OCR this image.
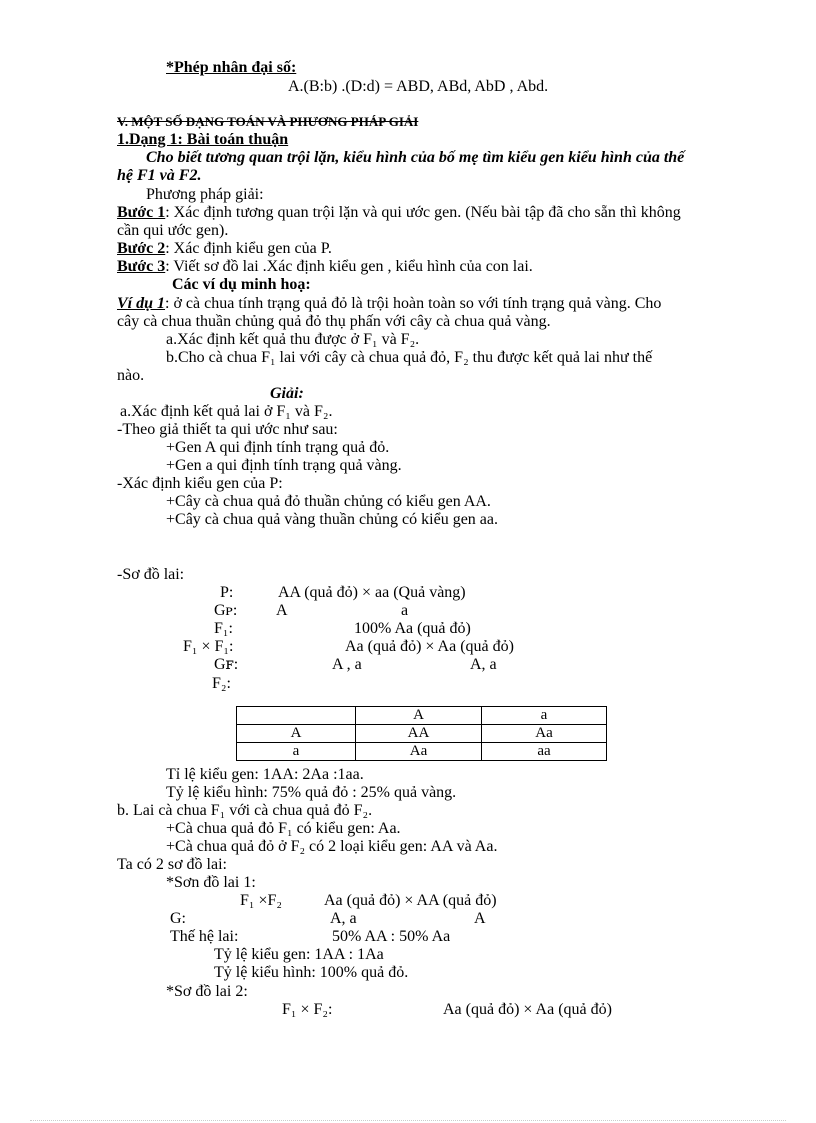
*Phép nhân đại số:
A.(B:b) .(D:d) = ABD, ABd, AbD , Abd.
V. MỘT SỐ DẠNG TOÁN VÀ PHƯƠNG PHÁP GIẢI
1.Dạng 1: Bài toán thuận
Cho biết tương quan trội lặn, kiểu hình của bố mẹ tìm kiểu gen kiểu hình của thế
hệ F1 và F2.
Phương pháp giải:
Bước 1: Xác định tương quan trội lặn và qui ước gen. (Nếu bài tập đã cho sẵn thì không
cần qui ước gen).
Bước 2: Xác định kiểu gen của P.
Bước 3: Viết sơ đồ lai .Xác định kiểu gen , kiểu hình của con lai.
Các ví dụ minh hoạ:
Ví dụ 1: ở cà chua tính trạng quả đỏ là trội hoàn toàn so với tính trạng quả vàng. Cho
cây cà chua thuần chủng quả đỏ thụ phấn với cây cà chua quả vàng.
a.Xác định kết quả thu được ở F₁ và F₂.
b.Cho cà chua F₁ lai với cây cà chua quả đỏ, F₂ thu được kết quả lai như thế
nào.
Giải:
a.Xác định kết quả lai ở F₁ và F₂.
-Theo giả thiết ta qui ước như sau:
+Gen A qui định tính trạng quả đỏ.
+Gen a qui định tính trạng quả vàng.
-Xác định kiểu gen của P:
+Cây cà chua quả đỏ thuần chủng có kiểu gen AA.
+Cây cà chua quả vàng thuần chủng có kiểu gen aa.
-Sơ đồ lai:
P:	AA (quả đỏ) × aa (Quả vàng)
Gᴘ: A	a
F₁:	100% Aa (quả đỏ)
F₁ × F₁:	Aa (quả đỏ) × Aa (quả đỏ)
Gꜰ:	A , a	A, a
F₂:
	A	a
A	AA	Aa
a	Aa	aa
Tỉ lệ kiểu gen: 1AA: 2Aa :1aa.
Tỷ lệ kiểu hình: 75% quả đỏ : 25% quả vàng.
b. Lai cà chua F₁ với cà chua quả đỏ F₂.
+Cà chua quả đỏ F₁ có kiểu gen: Aa.
+Cà chua quả đỏ ở F₂ có 2 loại kiểu gen: AA và Aa.
Ta có 2 sơ đồ lai:
*Sơn đồ lai 1:
F₁ ×F₂	Aa (quả đỏ) × AA (quả đỏ)
G:	A, a	A
Thế hệ lai:	50% AA : 50% Aa
Tỷ lệ kiểu gen: 1AA : 1Aa
Tỷ lệ kiểu hình: 100% quả đỏ.
*Sơ đồ lai 2:
F₁ × F₂:	Aa (quả đỏ) × Aa (quả đỏ)
